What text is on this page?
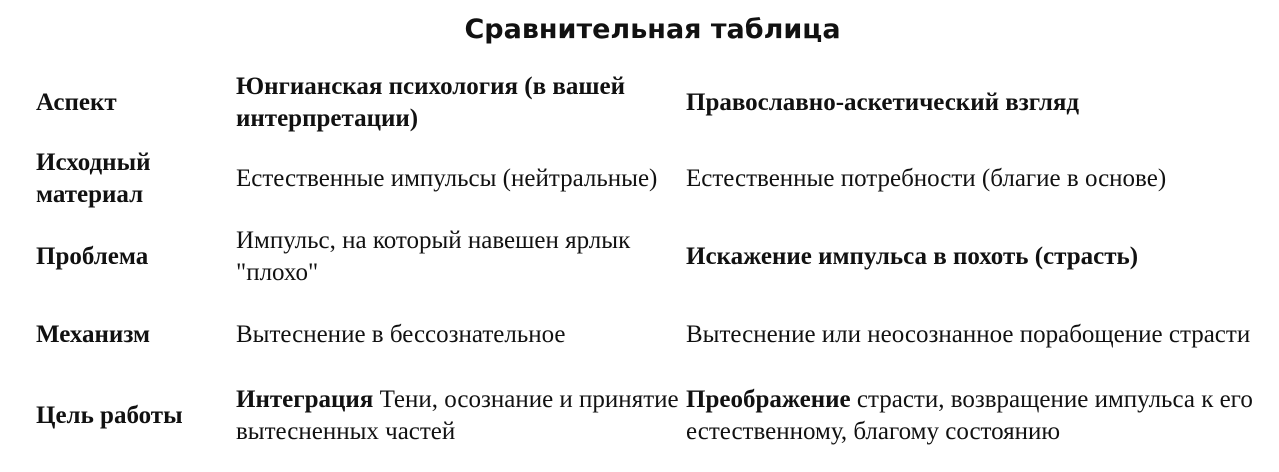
Сравнительная таблица
Аспект	Юнгианская психология (в вашей интерпретации)	Православно-аскетический взгляд
Исходный материал	Естественные импульсы (нейтральные)	Естественные потребности (благие в основе)
Проблема	Импульс, на который навешен ярлык "плохо"	Искажение импульса в похоть (страсть)
Механизм	Вытеснение в бессознательное	Вытеснение или неосознанное порабощение страсти
Цель работы	Интеграция Тени, осознание и принятие вытесненных частей	Преображение страсти, возвращение импульса к его естественному, благому состоянию
